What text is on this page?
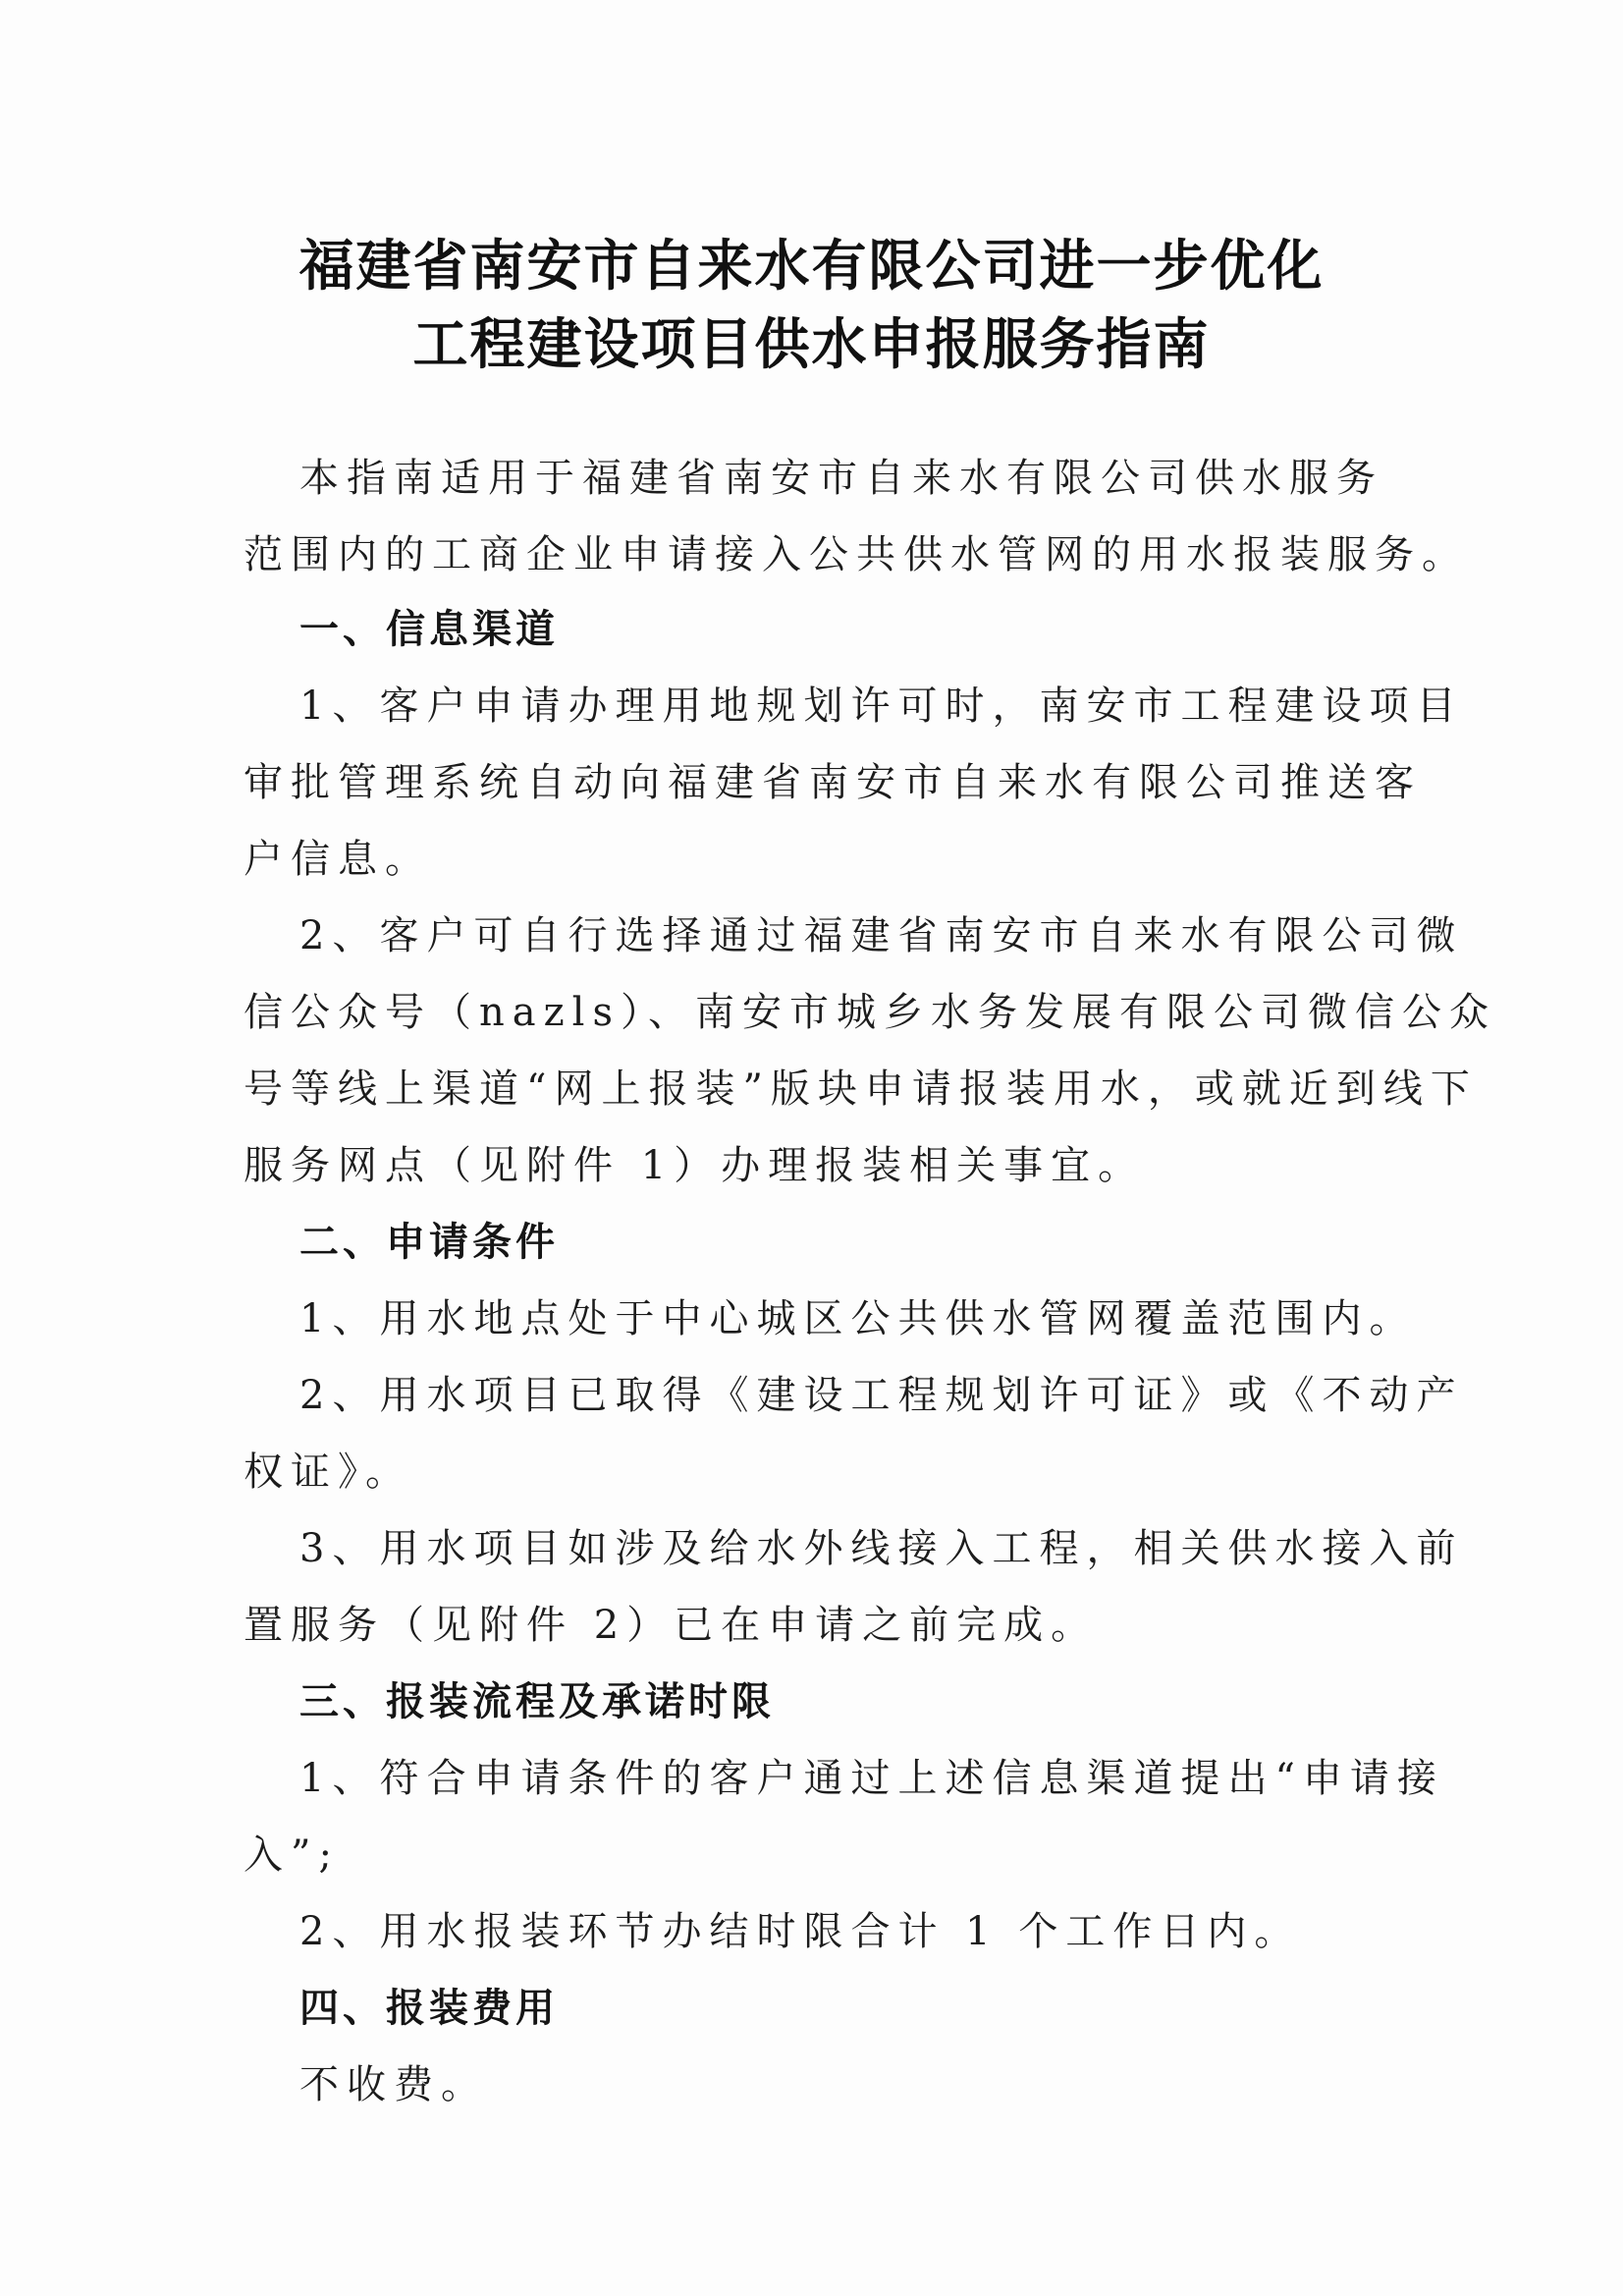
福建省南安市自来水有限公司进一步优化
工程建设项目供水申报服务指南
本指南适用于福建省南安市自来水有限公司供水服务
范围内的工商企业申请接入公共供水管网的用水报装服务。
一、信息渠道
1、客户申请办理用地规划许可时，南安市工程建设项目
审批管理系统自动向福建省南安市自来水有限公司推送客
户信息。
2、客户可自行选择通过福建省南安市自来水有限公司微
信公众号（nazls）、南安市城乡水务发展有限公司微信公众
号等线上渠道“网上报装”版块申请报装用水，或就近到线下
服务网点（见附件 1）办理报装相关事宜。
二、申请条件
1、用水地点处于中心城区公共供水管网覆盖范围内。
2、用水项目已取得《建设工程规划许可证》或《不动产
权证》。
3、用水项目如涉及给水外线接入工程，相关供水接入前
置服务（见附件 2）已在申请之前完成。
三、报装流程及承诺时限
1、符合申请条件的客户通过上述信息渠道提出“申请接
入”;
2、用水报装环节办结时限合计 1 个工作日内。
四、报装费用
不收费。
